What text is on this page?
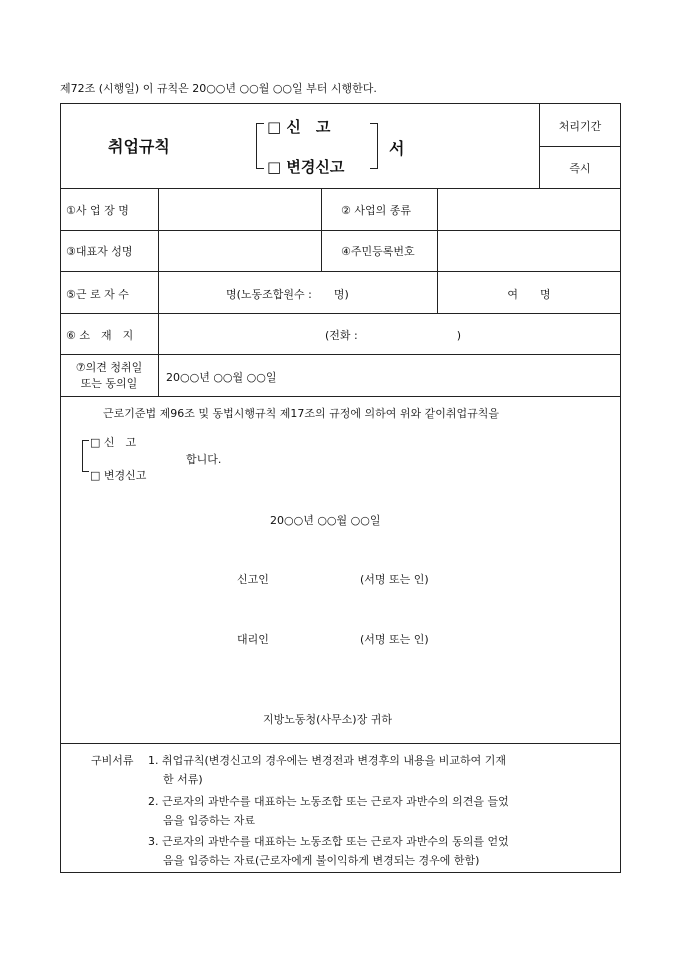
제72조 (시행일) 이 규칙은 20○○년 ○○월 ○○일 부터 시행한다.
취업규칙
□ 신　고
□ 변경신고
서
처리기간
즉시
①사 업 장 명	② 사업의 종류
③대표자 성명	④주민등록번호
⑤근 로 자 수	명(노동조합원수 :　　명)	여　　명
⑥ 소　재　지	(전화 :　　　　　　　　　)
⑦의견 청취일
또는 동의일	20○○년 ○○월 ○○일
근로기준법 제96조 및 동법시행규칙 제17조의 규정에 의하여 위와 같이취업규칙을
□ 신　고
□ 변경신고
합니다.
20○○년 ○○월 ○○일
신고인	(서명 또는 인)
대리인	(서명 또는 인)
지방노동청(사무소)장 귀하
구비서류 1. 취업규칙(변경신고의 경우에는 변경전과 변경후의 내용을 비교하여 기재
한 서류)
2. 근로자의 과반수를 대표하는 노동조합 또는 근로자 과반수의 의견을 들었
음을 입증하는 자료
3. 근로자의 과반수를 대표하는 노동조합 또는 근로자 과반수의 동의를 얻었
음을 입증하는 자료(근로자에게 불이익하게 변경되는 경우에 한함)
